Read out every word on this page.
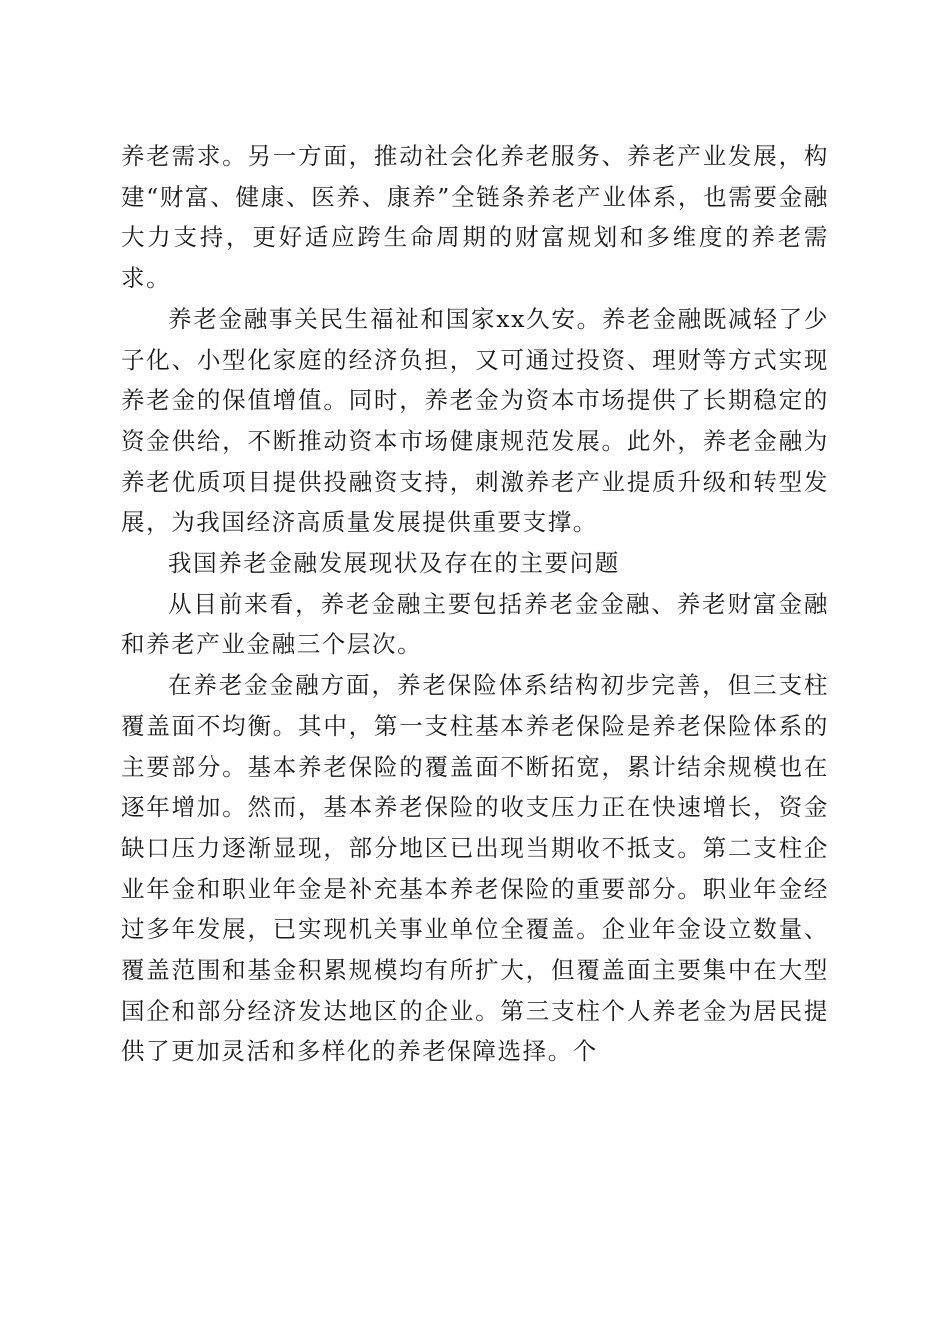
养老需求。另一方面，推动社会化养老服务、养老产业发展，构建“财富、健康、医养、康养”全链条养老产业体系，也需要金融大力支持，更好适应跨生命周期的财富规划和多维度的养老需求。

养老金融事关民生福祉和国家xx久安。养老金融既减轻了少子化、小型化家庭的经济负担，又可通过投资、理财等方式实现养老金的保值增值。同时，养老金为资本市场提供了长期稳定的资金供给，不断推动资本市场健康规范发展。此外，养老金融为养老优质项目提供投融资支持，刺激养老产业提质升级和转型发展，为我国经济高质量发展提供重要支撑。

我国养老金融发展现状及存在的主要问题

从目前来看，养老金融主要包括养老金金融、养老财富金融和养老产业金融三个层次。

在养老金金融方面，养老保险体系结构初步完善，但三支柱覆盖面不均衡。其中，第一支柱基本养老保险是养老保险体系的主要部分。基本养老保险的覆盖面不断拓宽，累计结余规模也在逐年增加。然而，基本养老保险的收支压力正在快速增长，资金缺口压力逐渐显现，部分地区已出现当期收不抵支。第二支柱企业年金和职业年金是补充基本养老保险的重要部分。职业年金经过多年发展，已实现机关事业单位全覆盖。企业年金设立数量、覆盖范围和基金积累规模均有所扩大，但覆盖面主要集中在大型国企和部分经济发达地区的企业。第三支柱个人养老金为居民提供了更加灵活和多样化的养老保障选择。个
